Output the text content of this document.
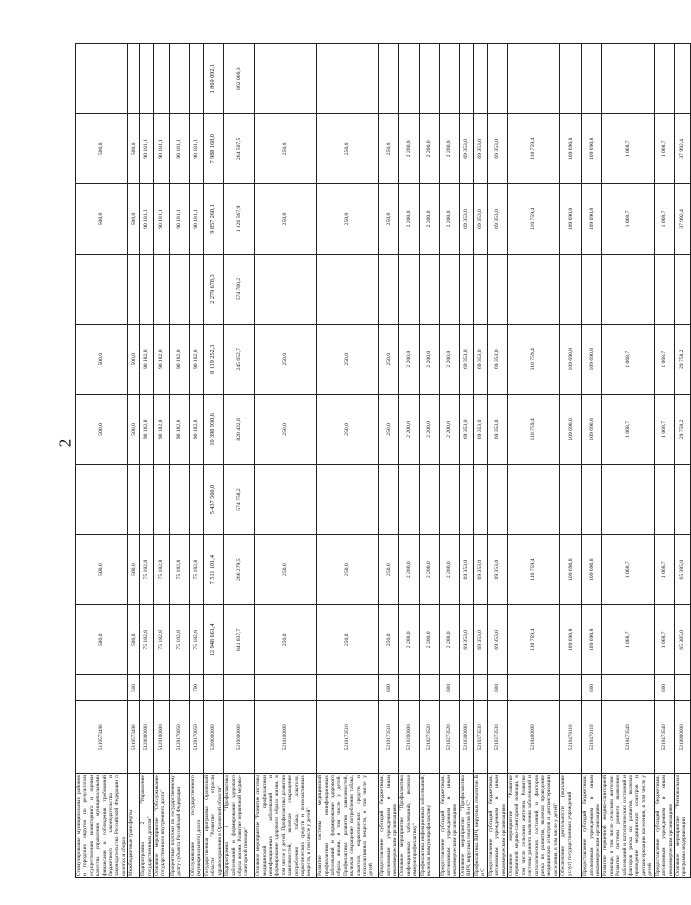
2
Стимулирование муниципальных районов и городских округов по результатам осуществления мониторинга и оценки качества управления муниципальными финансами и соблюдения требований бюджетного законодательства и законодательства Российской Федерации о налогах и сборах	5110573490		500,0	500,0		500,0	500,0		500,0	500,0	
Межбюджетные трансферты	5110573490	500	500,0	500,0		500,0	500,0		500,0	500,0	
Подпрограмма 2 "Управление государственным долгом"	5120000000		75 182,8	75 182,8		90 182,8	90 182,8		90 181,1	90 181,1	
Основное мероприятие "Обслуживание государственного внутреннего долга"	5120100000		75 182,8	75 182,8		90 182,8	90 182,8		90 181,1	90 181,1	
Процентные платежи по государственному долгу субъекта Российской Федерации	5120170050		75 182,8	75 182,8		90 182,8	90 182,8		90 181,1	90 181,1	
Обслуживание государственного (муниципального) долга	5120170050	700	75 182,8	75 182,8		90 182,8	90 182,8		90 181,1	90 181,1	
Государственная программа Орловской области "Развитие отрасли здравоохранения в Орловской области"	5200000000		12 948 661,4	7 511 101,4	5 437 560,0	10 398 930,6	8 119 252,3	2 279 678,3	9 857 260,1	7 988 168,0	1 869 092,1
Подпрограмма 1 "Профилактика заболеваний и формирование здорового образа жизни. Развитие первичной медико-санитарной помощи"	5210000000		841 037,7	266 279,5	574 758,2	820 432,8	245 652,7	574 780,2	1 126 567,9	264 507,5	862 060,3
Основное мероприятие "Развитие системы медицинской профилактики неинфекционных заболеваний и формирование здорового образа жизни, в том числе у детей. Профилактика развития зависимостей, включая сокращение потребления табака, алкоголя, наркотических средств и психоактивных веществ, в том числе у детей"	5210100000		250,0	250,0		250,0	250,0		250,0	250,0	
Развитие системы медицинской профилактики неинфекционных заболеваний и формирование здорового образа жизни, в том числе у детей. Профилактика развития зависимостей, включая сокращение потребления табака, алкоголя, наркотических средств и психоактивных веществ, в том числе у детей	5210173510		250,0	250,0		250,0	250,0		250,0	250,0	
Предоставление субсидий бюджетным, автономным учреждениям и иным некоммерческим организациям	5210173510	600	250,0	250,0		250,0	250,0		250,0	250,0	
Основное мероприятие "Профилактика инфекционных заболеваний, включая иммунопрофилактику"	5210200000		2 200,0	2 200,0		2 200,0	2 200,0		2 200,0	2 200,0	
Профилактика инфекционных заболеваний, включая иммунопрофилактику	5210273520		2 200,0	2 200,0		2 200,0	2 200,0		2 200,0	2 200,0	
Предоставление субсидий бюджетным, автономным учреждениям и иным некоммерческим организациям	5210273520	600	2 200,0	2 200,0		2 200,0	2 200,0		2 200,0	2 200,0	
Основное мероприятие "Профилактика ВИЧ, вирусных гепатитов В и С"	5210300000		69 353,0	69 353,0		69 353,0	69 353,0		69 353,0	69 353,0	
Профилактика ВИЧ, вирусных гепатитов В и С	5210373530		69 353,0	69 353,0		69 353,0	69 353,0		69 353,0	69 353,0	
Предоставление субсидий бюджетным, автономным учреждениям и иным некоммерческим организациям	5210373530	600	69 353,0	69 353,0		69 353,0	69 353,0		69 353,0	69 353,0	
Основное мероприятие "Развитие первичной медико-санитарной помощи, в том числе сельским жителям. Развитие системы раннего выявления заболеваний и патологических состояний и факторов риска их развития, включая проведение медицинских осмотров и диспансеризации населения, в том числе у детей"	5210400000		110 759,4	110 759,4		110 759,4	110 759,4		110 759,4	110 759,4	
Обеспечение деятельности (оказание услуг) государственных учреждений	5210470110		109 690,8	109 690,8		109 690,8	109 690,8		109 690,8	109 690,8	
Предоставление субсидий бюджетным, автономным учреждениям и иным некоммерческим организациям	5210470110	600	109 690,8	109 690,8		109 690,8	109 690,8		109 690,8	109 690,8	
Развитие первичной медико-санитарной помощи, в том числе сельским жителям. Развитие системы раннего выявления заболеваний и патологических состояний и факторов риска их развития, включая проведение медицинских осмотров и диспансеризации населения, в том числе у детей	5210473540		1 068,7	1 068,7		1 068,7	1 068,7		1 068,7	1 068,7	
Предоставление субсидий бюджетным, автономным учреждениям и иным некоммерческим организациям	5210473540	600	1 068,7	1 068,7		1 068,7	1 068,7		1 068,7	1 068,7	
Основное мероприятие "Региональная программа модернизации	5210900000		65 385,0	65 385,0		29 758,2	29 758,2		37 992,4	37 992,4	
